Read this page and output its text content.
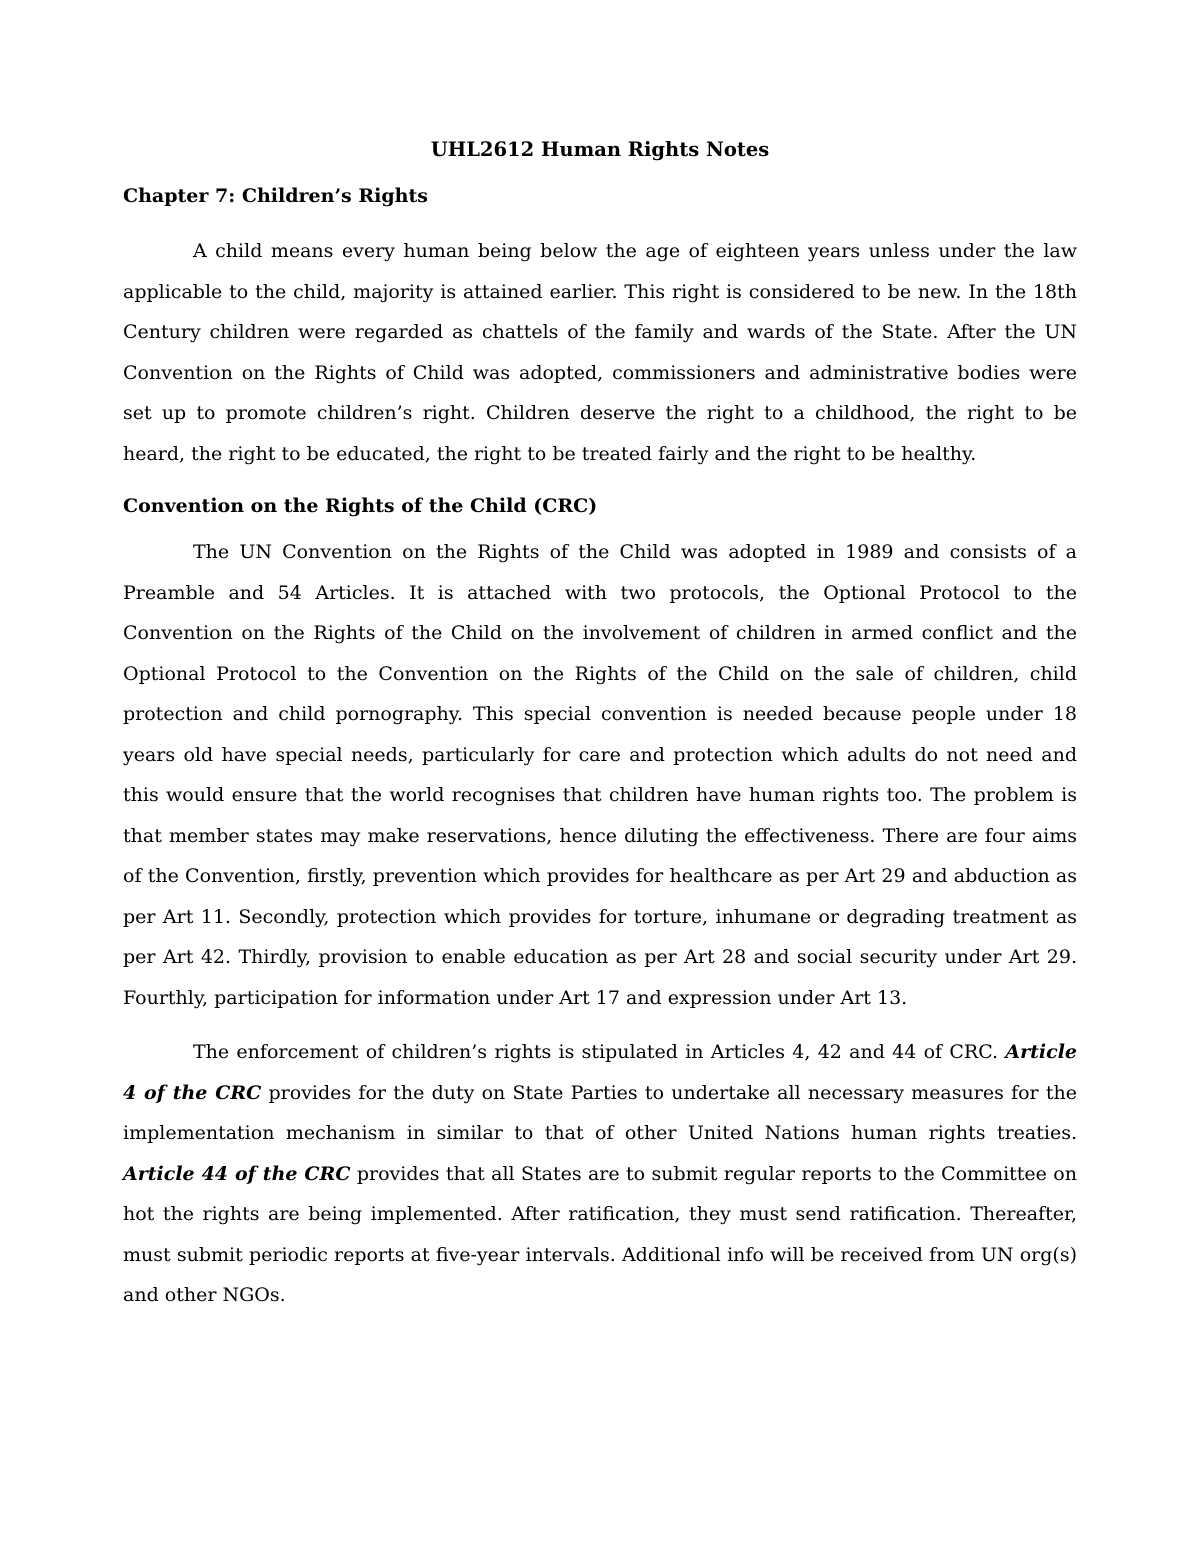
UHL2612 Human Rights Notes
Chapter 7: Children’s Rights

A child means every human being below the age of eighteen years unless under the law applicable to the child, majority is attained earlier. This right is considered to be new. In the 18th Century children were regarded as chattels of the family and wards of the State. After the UN Convention on the Rights of Child was adopted, commissioners and administrative bodies were set up to promote children’s right. Children deserve the right to a childhood, the right to be heard, the right to be educated, the right to be treated fairly and the right to be healthy.

Convention on the Rights of the Child (CRC)

The UN Convention on the Rights of the Child was adopted in 1989 and consists of a Preamble and 54 Articles. It is attached with two protocols, the Optional Protocol to the Convention on the Rights of the Child on the involvement of children in armed conflict and the Optional Protocol to the Convention on the Rights of the Child on the sale of children, child protection and child pornography. This special convention is needed because people under 18 years old have special needs, particularly for care and protection which adults do not need and this would ensure that the world recognises that children have human rights too. The problem is that member states may make reservations, hence diluting the effectiveness. There are four aims of the Convention, firstly, prevention which provides for healthcare as per Art 29 and abduction as per Art 11. Secondly, protection which provides for torture, inhumane or degrading treatment as per Art 42. Thirdly, provision to enable education as per Art 28 and social security under Art 29. Fourthly, participation for information under Art 17 and expression under Art 13.

The enforcement of children’s rights is stipulated in Articles 4, 42 and 44 of CRC. Article 4 of the CRC provides for the duty on State Parties to undertake all necessary measures for the implementation mechanism in similar to that of other United Nations human rights treaties. Article 44 of the CRC provides that all States are to submit regular reports to the Committee on hot the rights are being implemented. After ratification, they must send ratification. Thereafter, must submit periodic reports at five-year intervals. Additional info will be received from UN org(s) and other NGOs.
